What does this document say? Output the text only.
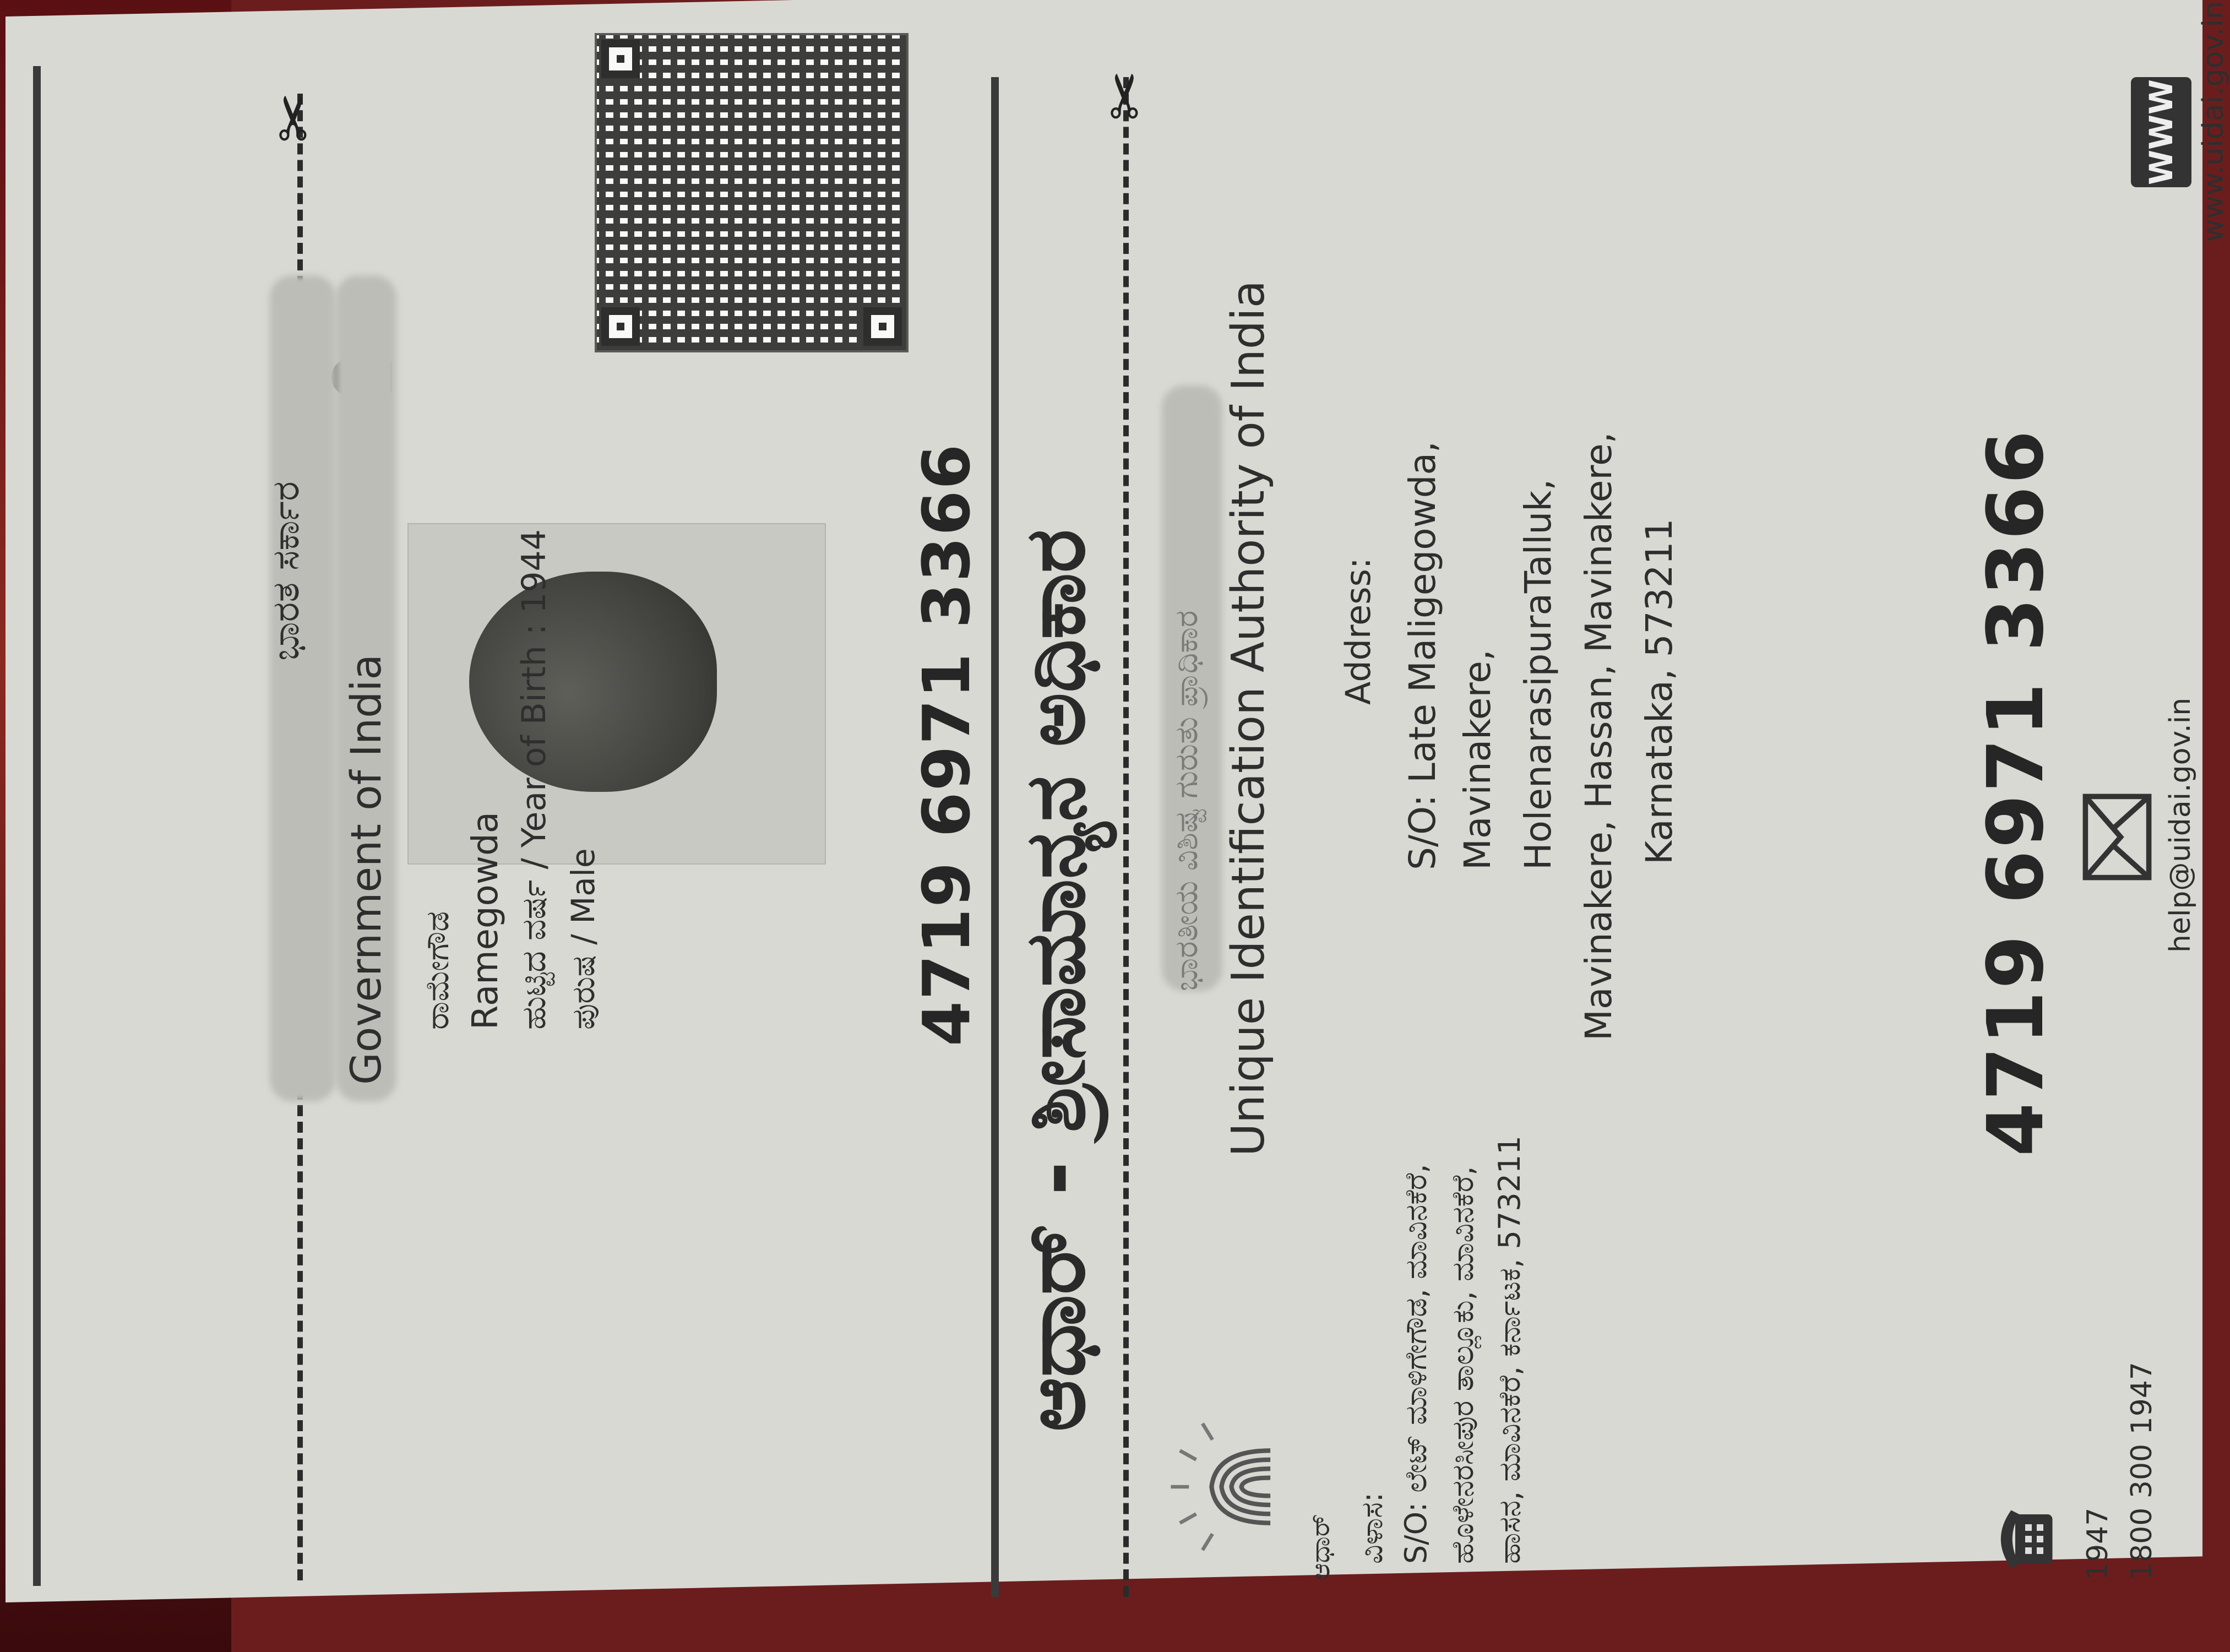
✂
ಭಾರತ ಸರ್ಕಾರ
Government of India ರಾಮೇಗೌಡ Ramegowda ಹುಟ್ಟಿದ ವರ್ಷ / Year of Birth : 1944 ಪುರುಷ / Male	4719 6971 3366 ಆಧಾರ್ - ಶ್ರೀಸಾಮಾನ್ಯನ ಅಧಿಕಾರ
✂
ಭಾರತೀಯ ವಿಶಿಷ್ಟ ಗುರುತು ಪ್ರಾಧಿಕಾರ Unique Identification Authority of India
ಆಧಾರ್ ವಿಳಾಸ: S/O: ಲೇಟ್ ಮಾಳಿಗೇಗೌಡ, ಮಾವಿನಕೆರೆ, ಹೊಳೇನರಸೀಪುರ ತಾಲ್ಲೂಕು, ಮಾವಿನಕೆರೆ, ಹಾಸನ, ಮಾವಿನಕೆರೆ, ಕರ್ನಾಟಕ, 573211
Address: S/O: Late Maligegowda, Mavinakere, HolenarasipuraTalluk, Mavinakere, Hassan, Mavinakere, Karnataka, 573211	4719 6971 3366
1947 1800 300 1947
help@uidai.gov.in
WWW www.uidai.gov.in
